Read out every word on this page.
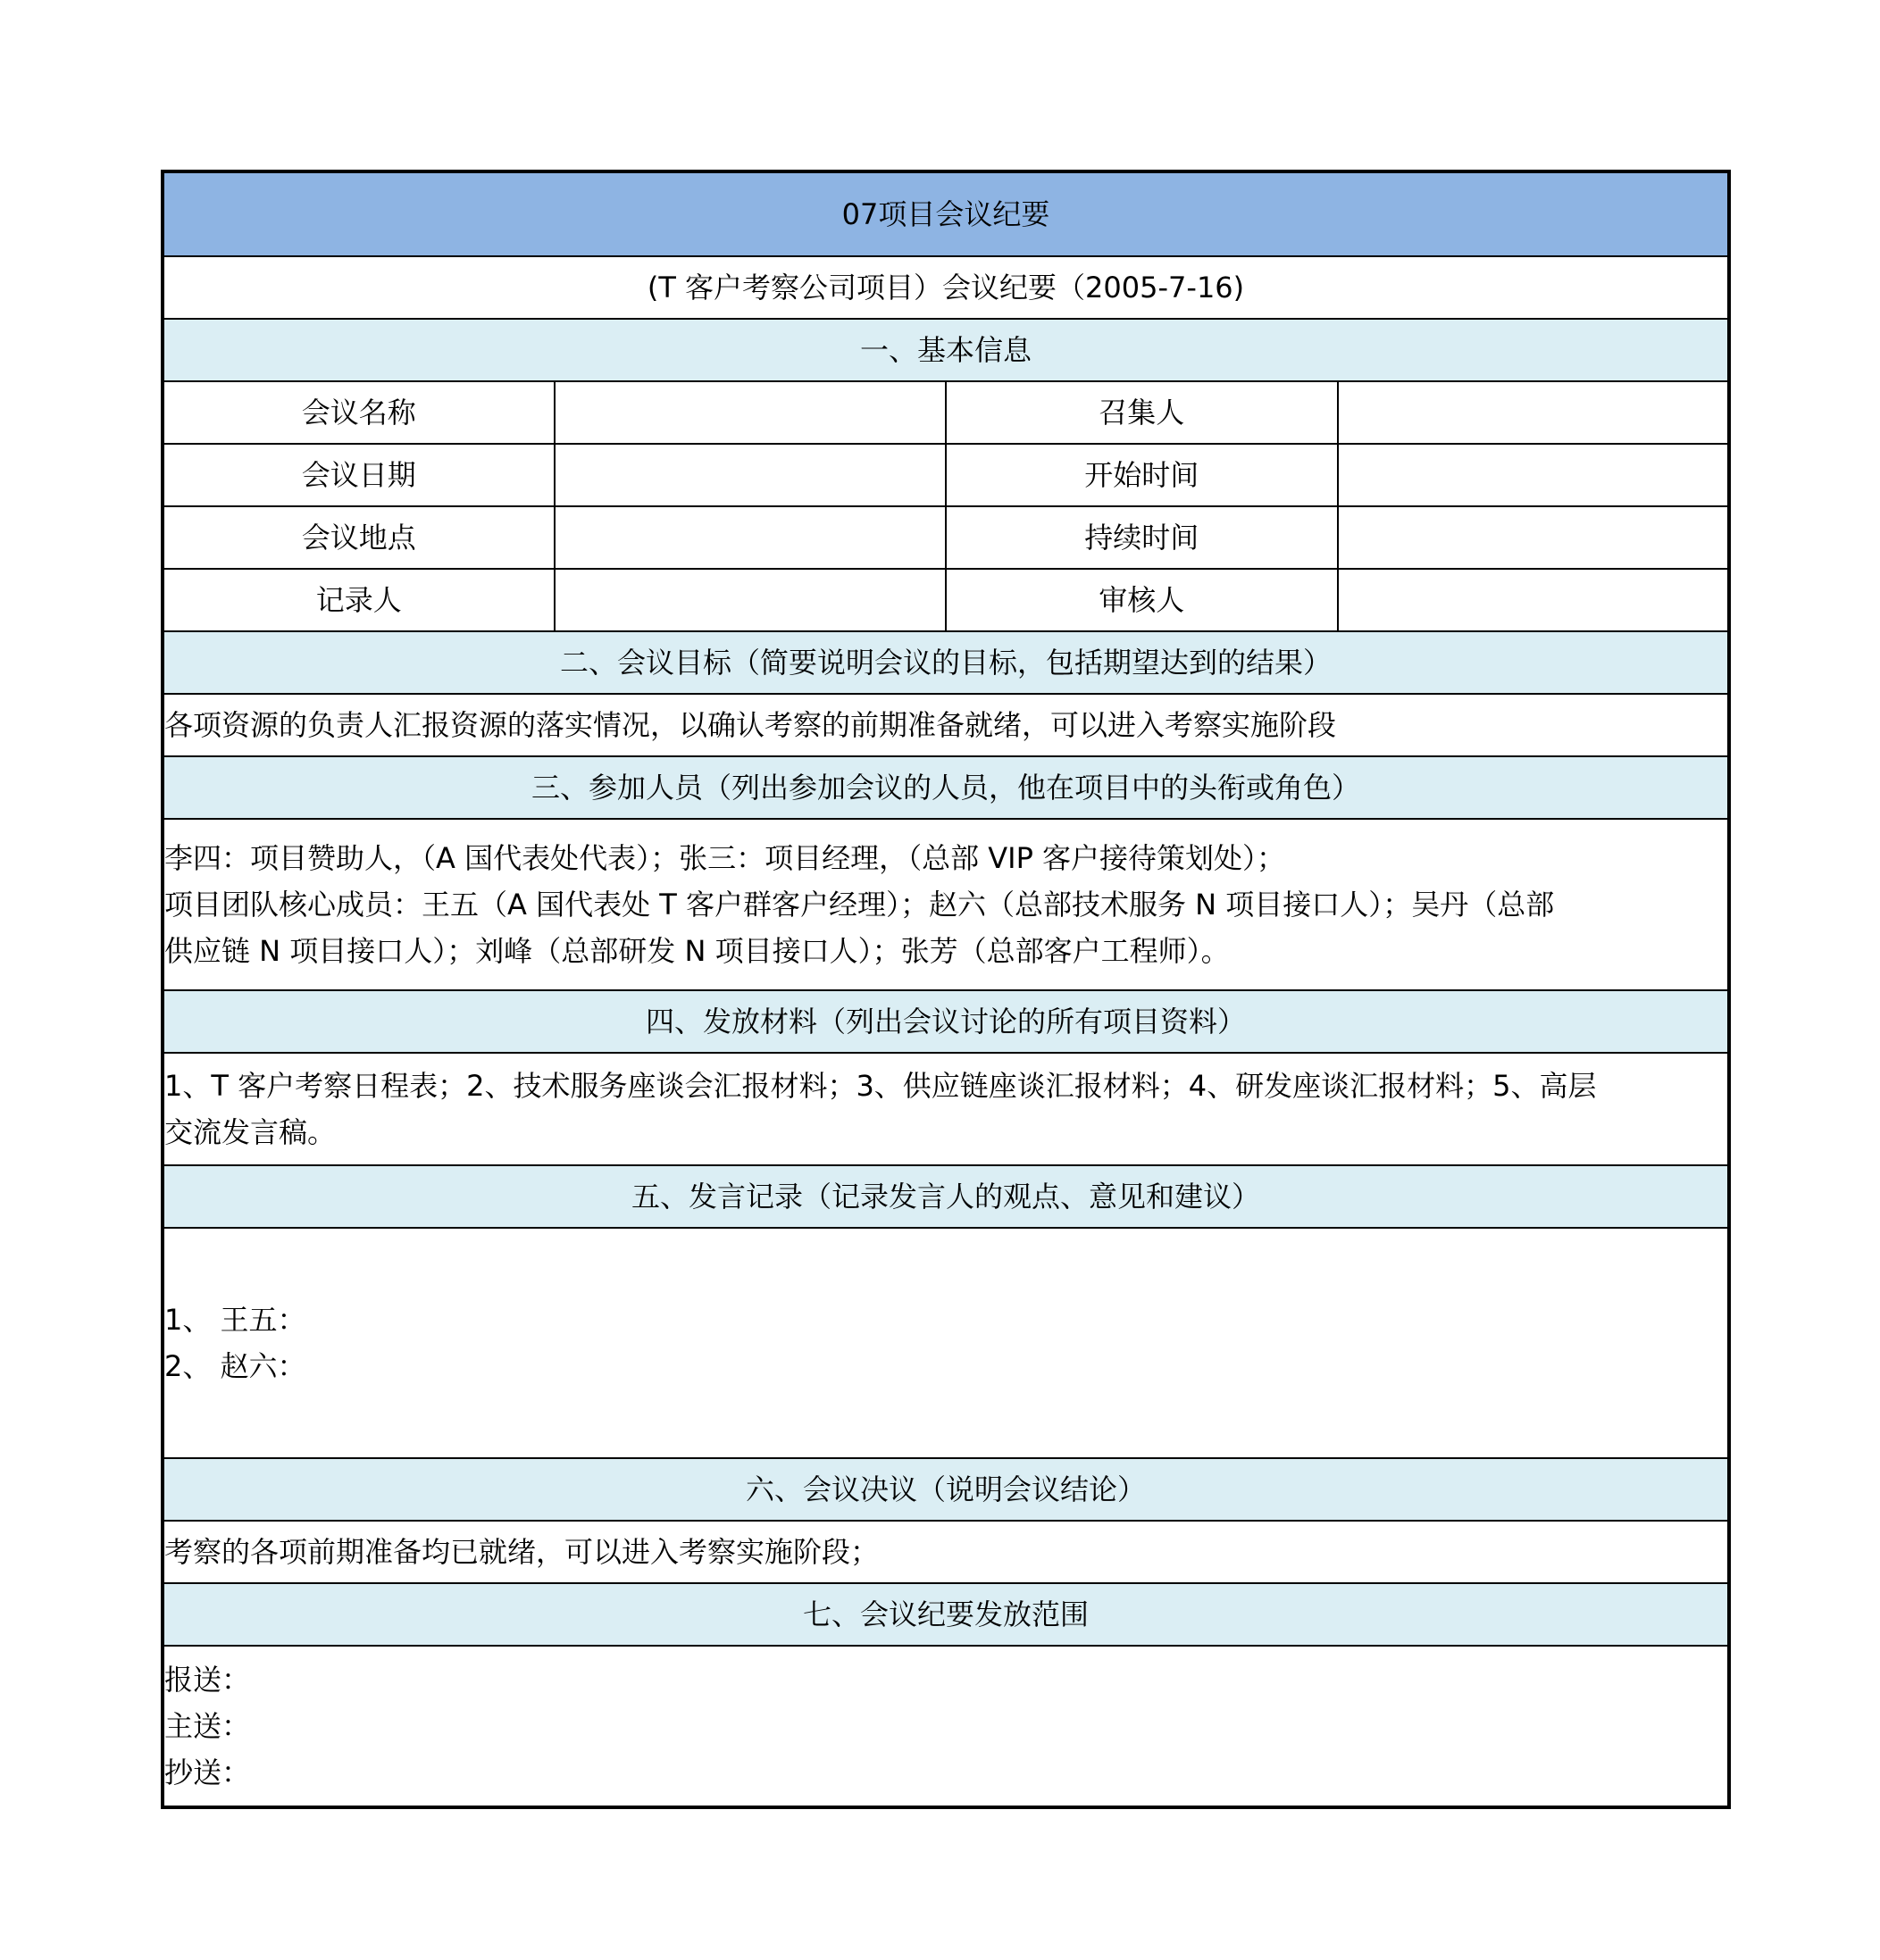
07项目会议纪要			
(T 客户考察公司项目）会议纪要（2005-7-16)			
一、基本信息			
会议名称		召集人	
会议日期		开始时间	
会议地点		持续时间	
记录人		审核人	
二、会议目标（简要说明会议的目标，包括期望达到的结果）			
各项资源的负责人汇报资源的落实情况，以确认考察的前期准备就绪，可以进入考察实施阶段			
三、参加人员（列出参加会议的人员，他在项目中的头衔或角色）			

李四：项目赞助人，（A 国代表处代表）；张三：项目经理，（总部 VIP 客户接待策划处）；
项目团队核心成员：王五（A 国代表处 T 客户群客户经理）；赵六（总部技术服务 N 项目接口人）；吴丹（总部
供应链 N 项目接口人）；刘峰（总部研发 N 项目接口人）；张芳（总部客户工程师）。			

四、发放材料（列出会议讨论的所有项目资料）			

1、T 客户考察日程表；2、技术服务座谈会汇报材料；3、供应链座谈汇报材料；4、研发座谈汇报材料；5、高层
交流发言稿。			

五、发言记录（记录发言人的观点、意见和建议）			

1、 王五：
2、 赵六：			

六、会议决议（说明会议结论）			
考察的各项前期准备均已就绪，可以进入考察实施阶段；			
七、会议纪要发放范围			

报送：
主送：
抄送：			
